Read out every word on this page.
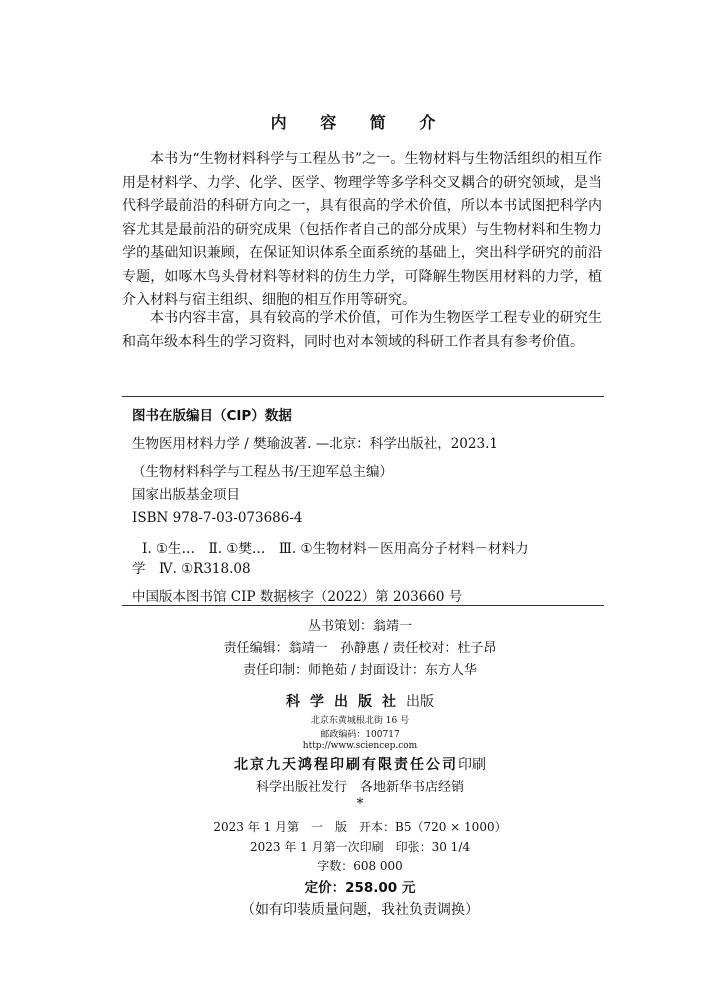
内 容 简 介
本书为“生物材料科学与工程丛书”之一。生物材料与生物活组织的相互作用是材料学、力学、化学、医学、物理学等多学科交叉耦合的研究领域，是当代科学最前沿的科研方向之一，具有很高的学术价值，所以本书试图把科学内容尤其是最前沿的研究成果（包括作者自己的部分成果）与生物材料和生物力学的基础知识兼顾，在保证知识体系全面系统的基础上，突出科学研究的前沿专题，如啄木鸟头骨材料等材料的仿生力学，可降解生物医用材料的力学，植介入材料与宿主组织、细胞的相互作用等研究。
本书内容丰富，具有较高的学术价值，可作为生物医学工程专业的研究生和高年级本科生的学习资料，同时也对本领域的科研工作者具有参考价值。
图书在版编目（CIP）数据
生物医用材料力学 / 樊瑜波著. —北京：科学出版社，2023.1
（生物材料科学与工程丛书/王迎军总主编）
国家出版基金项目
ISBN 978-7-03-073686-4
Ⅰ. ①生…　Ⅱ. ①樊…　Ⅲ. ①生物材料－医用高分子材料－材料力
学　Ⅳ. ①R318.08
中国版本图书馆 CIP 数据核字（2022）第 203660 号
丛书策划：翁靖一
责任编辑：翁靖一　孙静惠 / 责任校对：杜子昂
责任印制：师艳茹 / 封面设计：东方人华
科学出版社出版
北京东黄城根北街 16 号
邮政编码：100717
http://www.sciencep.com
北京九天鸿程印刷有限责任公司印刷
科学出版社发行　各地新华书店经销
*
2023 年 1 月第　一　版　开本：B5（720 × 1000）
2023 年 1 月第一次印刷　印张：30 1/4
字数：608 000
定价：258.00 元
（如有印装质量问题，我社负责调换）
